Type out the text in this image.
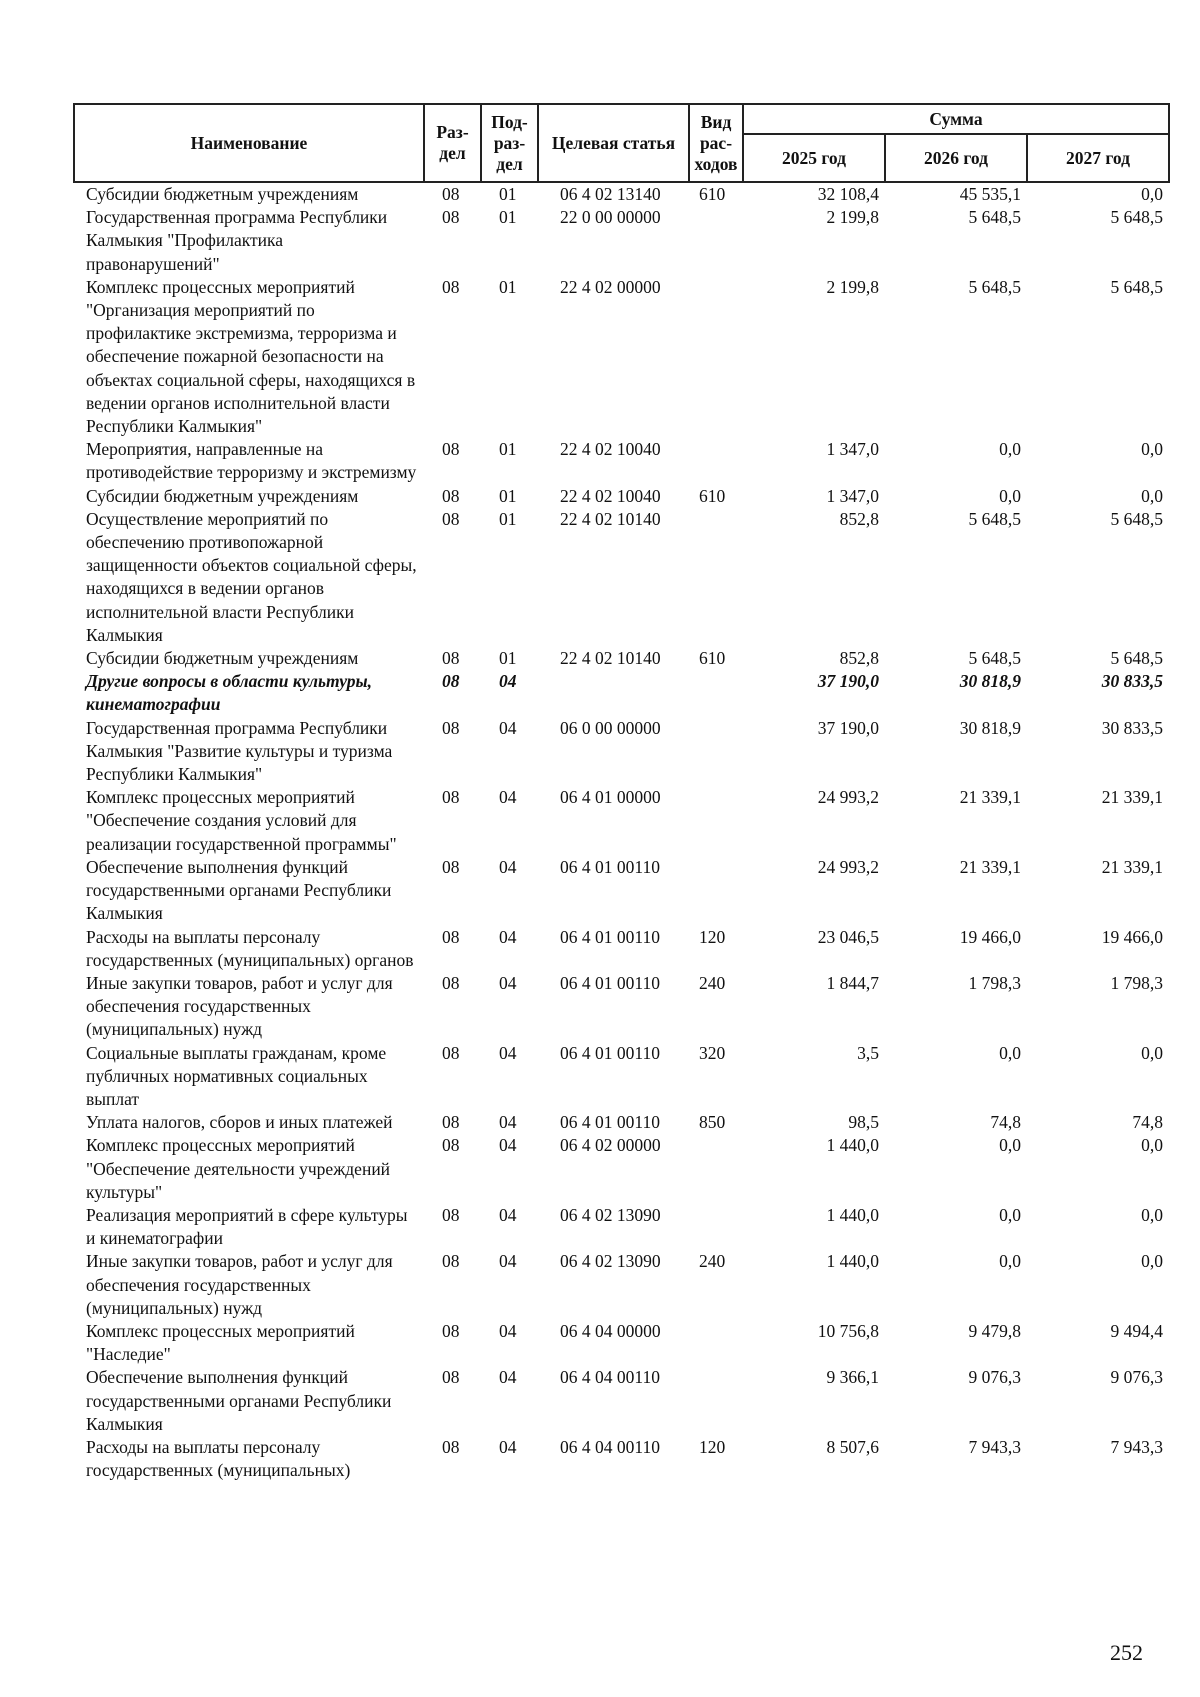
Наименование	Раз-дел	Под-раз-дел	Целевая статья	Вид рас-ходов	Сумма		
					2025 год	2026 год	2027 год
Субсидии бюджетным учреждениям	08	01	06 4 02 13140	610	32 108,4	45 535,1	0,0
Государственная программа Республики Калмыкия "Профилактика правонарушений"	08	01	22 0 00 00000		2 199,8	5 648,5	5 648,5
Комплекс процессных мероприятий "Организация мероприятий по профилактике экстремизма, терроризма и обеспечение пожарной безопасности на объектах социальной сферы, находящихся в ведении органов исполнительной власти Республики Калмыкия"	08	01	22 4 02 00000		2 199,8	5 648,5	5 648,5
Мероприятия, направленные на противодействие терроризму и экстремизму	08	01	22 4 02 10040		1 347,0	0,0	0,0
Субсидии бюджетным учреждениям	08	01	22 4 02 10040	610	1 347,0	0,0	0,0
Осуществление мероприятий по обеспечению противопожарной защищенности объектов социальной сферы, находящихся в ведении органов исполнительной власти Республики Калмыкия	08	01	22 4 02 10140		852,8	5 648,5	5 648,5
Субсидии бюджетным учреждениям	08	01	22 4 02 10140	610	852,8	5 648,5	5 648,5
Другие вопросы в области культуры, кинематографии	08	04			37 190,0	30 818,9	30 833,5
Государственная программа Республики Калмыкия "Развитие культуры и туризма Республики Калмыкия"	08	04	06 0 00 00000		37 190,0	30 818,9	30 833,5
Комплекс процессных мероприятий "Обеспечение создания условий для реализации государственной программы"	08	04	06 4 01 00000		24 993,2	21 339,1	21 339,1
Обеспечение выполнения функций государственными органами Республики Калмыкия	08	04	06 4 01 00110		24 993,2	21 339,1	21 339,1
Расходы на выплаты персоналу государственных (муниципальных) органов	08	04	06 4 01 00110	120	23 046,5	19 466,0	19 466,0
Иные закупки товаров, работ и услуг для обеспечения государственных (муниципальных) нужд	08	04	06 4 01 00110	240	1 844,7	1 798,3	1 798,3
Социальные выплаты гражданам, кроме публичных нормативных социальных выплат	08	04	06 4 01 00110	320	3,5	0,0	0,0
Уплата налогов, сборов и иных платежей	08	04	06 4 01 00110	850	98,5	74,8	74,8
Комплекс процессных мероприятий "Обеспечение деятельности учреждений культуры"	08	04	06 4 02 00000		1 440,0	0,0	0,0
Реализация мероприятий в сфере культуры и кинематографии	08	04	06 4 02 13090		1 440,0	0,0	0,0
Иные закупки товаров, работ и услуг для обеспечения государственных (муниципальных) нужд	08	04	06 4 02 13090	240	1 440,0	0,0	0,0
Комплекс процессных мероприятий "Наследие"	08	04	06 4 04 00000		10 756,8	9 479,8	9 494,4
Обеспечение выполнения функций государственными органами Республики Калмыкия	08	04	06 4 04 00110		9 366,1	9 076,3	9 076,3
Расходы на выплаты персоналу государственных (муниципальных)	08	04	06 4 04 00110	120	8 507,6	7 943,3	7 943,3
252
